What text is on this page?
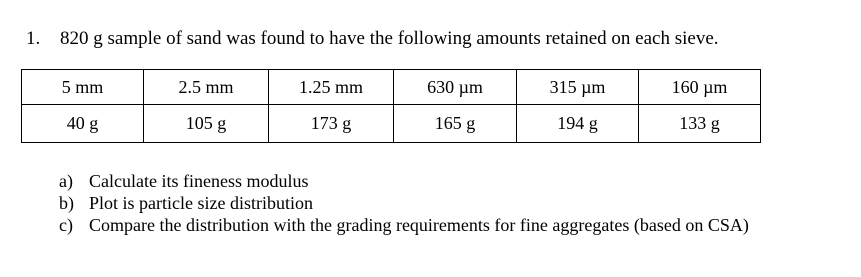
1. 820 g sample of sand was found to have the following amounts retained on each sieve.
5 mm	2.5 mm	1.25 mm	630 µm	315 µm	160 µm
40 g	105 g	173 g	165 g	194 g	133 g
a) Calculate its fineness modulus
b) Plot is particle size distribution
c) Compare the distribution with the grading requirements for fine aggregates (based on CSA)
